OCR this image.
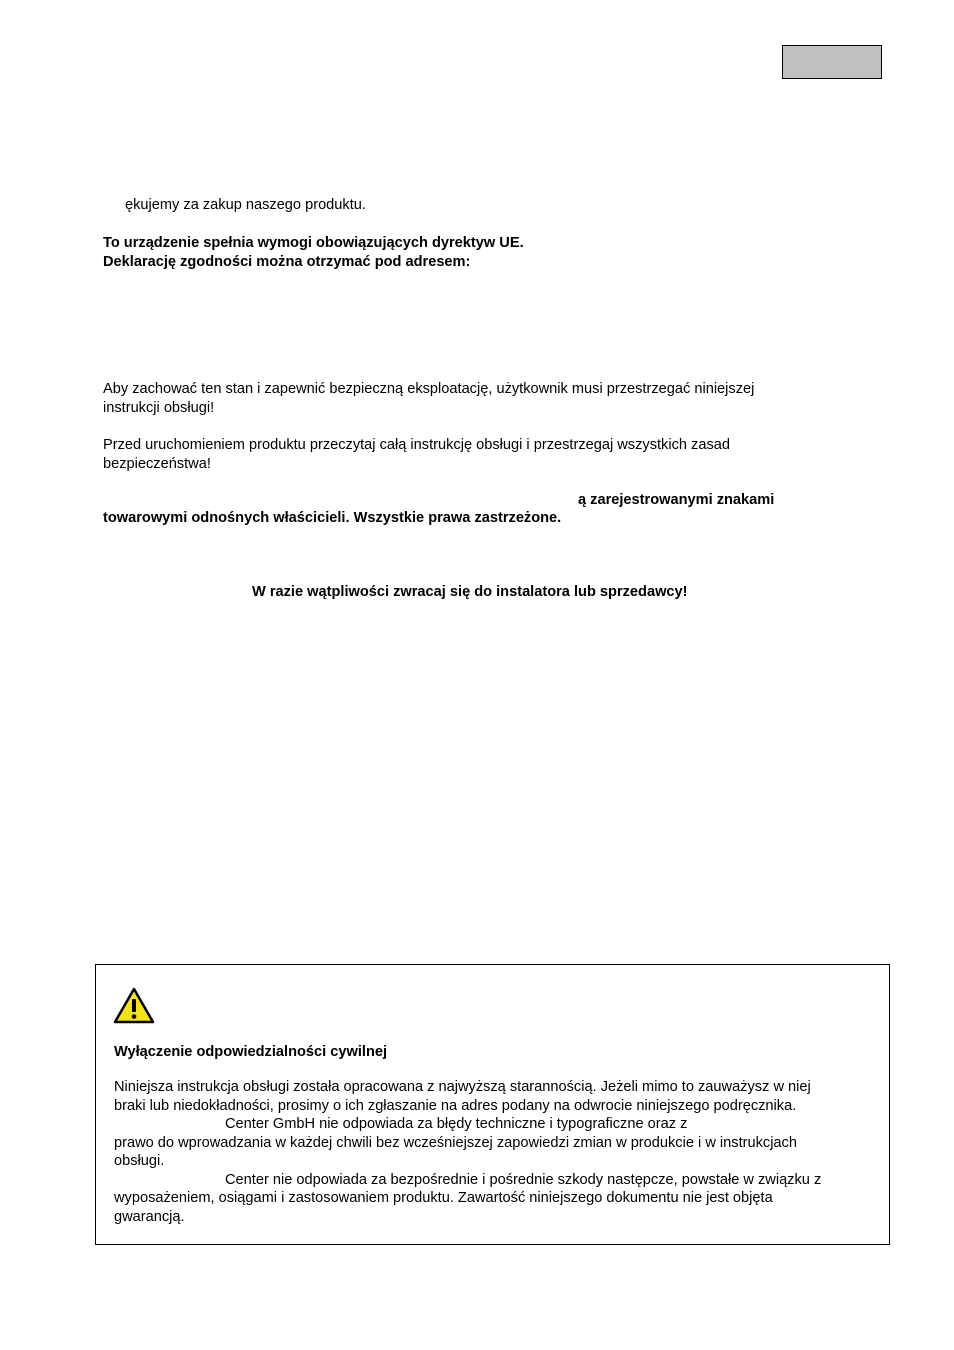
ękujemy za zakup naszego produktu.
To urządzenie spełnia wymogi obowiązujących dyrektyw UE.
Deklarację zgodności można otrzymać pod adresem:
Aby zachować ten stan i zapewnić bezpieczną eksploatację, użytkownik musi przestrzegać niniejszej
instrukcji obsługi!
Przed uruchomieniem produktu przeczytaj całą instrukcję obsługi i przestrzegaj wszystkich zasad
bezpieczeństwa!
ą zarejestrowanymi znakami
towarowymi odnośnych właścicieli. Wszystkie prawa zastrzeżone.
W razie wątpliwości zwracaj się do instalatora lub sprzedawcy!
Wyłączenie odpowiedzialności cywilnej
Niniejsza instrukcja obsługi została opracowana z najwyższą starannością. Jeżeli mimo to zauważysz w niej
braki lub niedokładności, prosimy o ich zgłaszanie na adres podany na odwrocie niniejszego podręcznika.
Center GmbH nie odpowiada za błędy techniczne i typograficzne oraz z
prawo do wprowadzania w każdej chwili bez wcześniejszej zapowiedzi zmian w produkcie i w instrukcjach
obsługi.
Center nie odpowiada za bezpośrednie i pośrednie szkody następcze, powstałe w związku z
wyposażeniem, osiągami i zastosowaniem produktu. Zawartość niniejszego dokumentu nie jest objęta
gwarancją.
